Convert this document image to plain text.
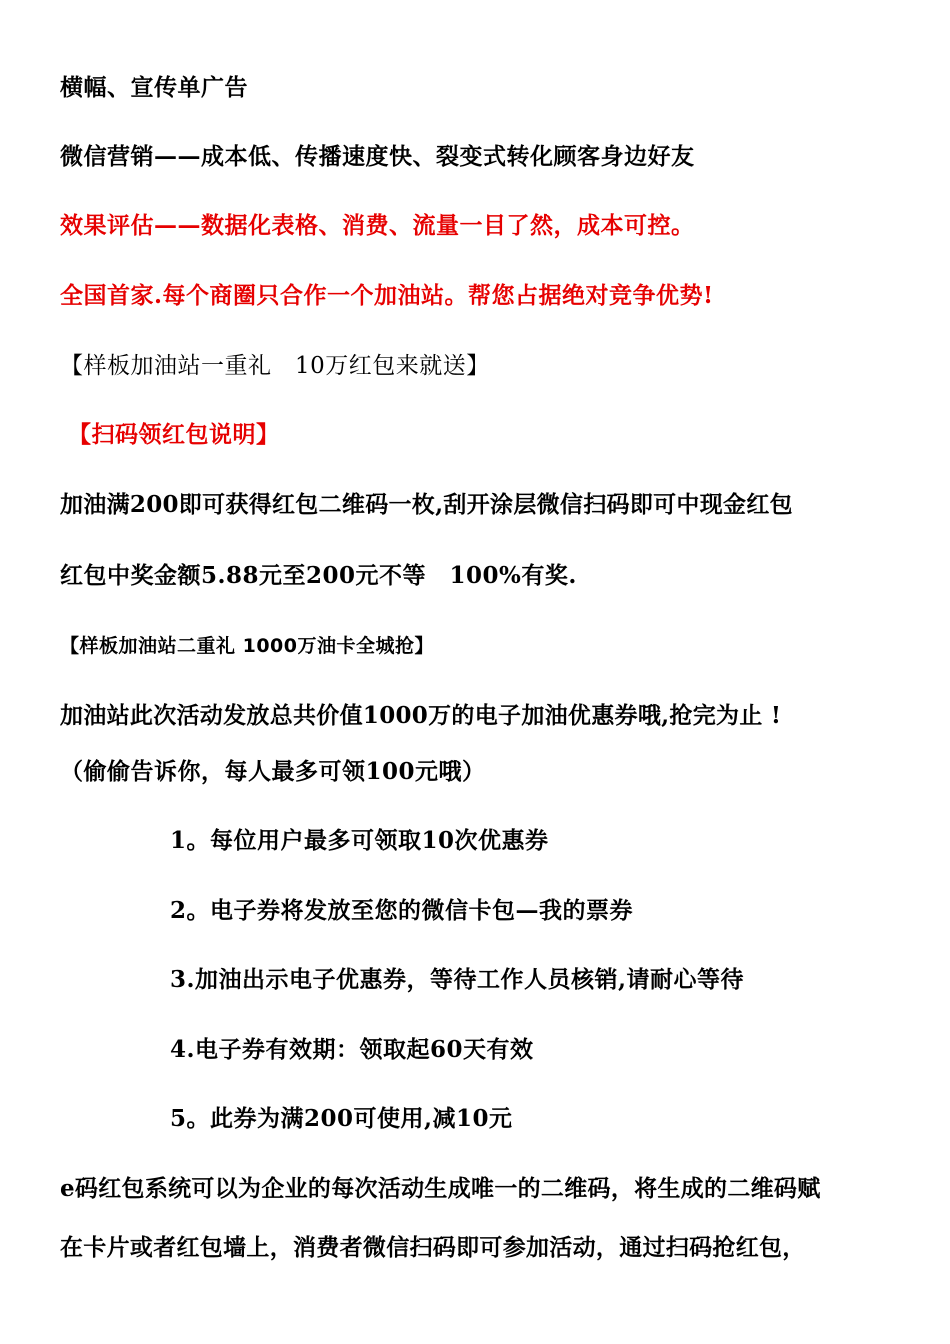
横幅、宣传单广告
微信营销——成本低、传播速度快、裂变式转化顾客身边好友
效果评估——数据化表格、消费、流量一目了然，成本可控。
全国首家.每个商圈只合作一个加油站。帮您占据绝对竞争优势!
【样板加油站一重礼　10万红包来就送】
【扫码领红包说明】
加油满200即可获得红包二维码一枚,刮开涂层微信扫码即可中现金红包
红包中奖金额5.88元至200元不等　100%有奖.
【样板加油站二重礼 1000万油卡全城抢】
加油站此次活动发放总共价值1000万的电子加油优惠券哦,抢完为止 !
（偷偷告诉你，每人最多可领100元哦）
1。每位用户最多可领取10次优惠券
2。电子券将发放至您的微信卡包—我的票券
3.加油出示电子优惠券，等待工作人员核销,请耐心等待
4.电子券有效期：领取起60天有效
5。此券为满200可使用,减10元
e码红包系统可以为企业的每次活动生成唯一的二维码，将生成的二维码赋
在卡片或者红包墙上，消费者微信扫码即可参加活动，通过扫码抢红包，
